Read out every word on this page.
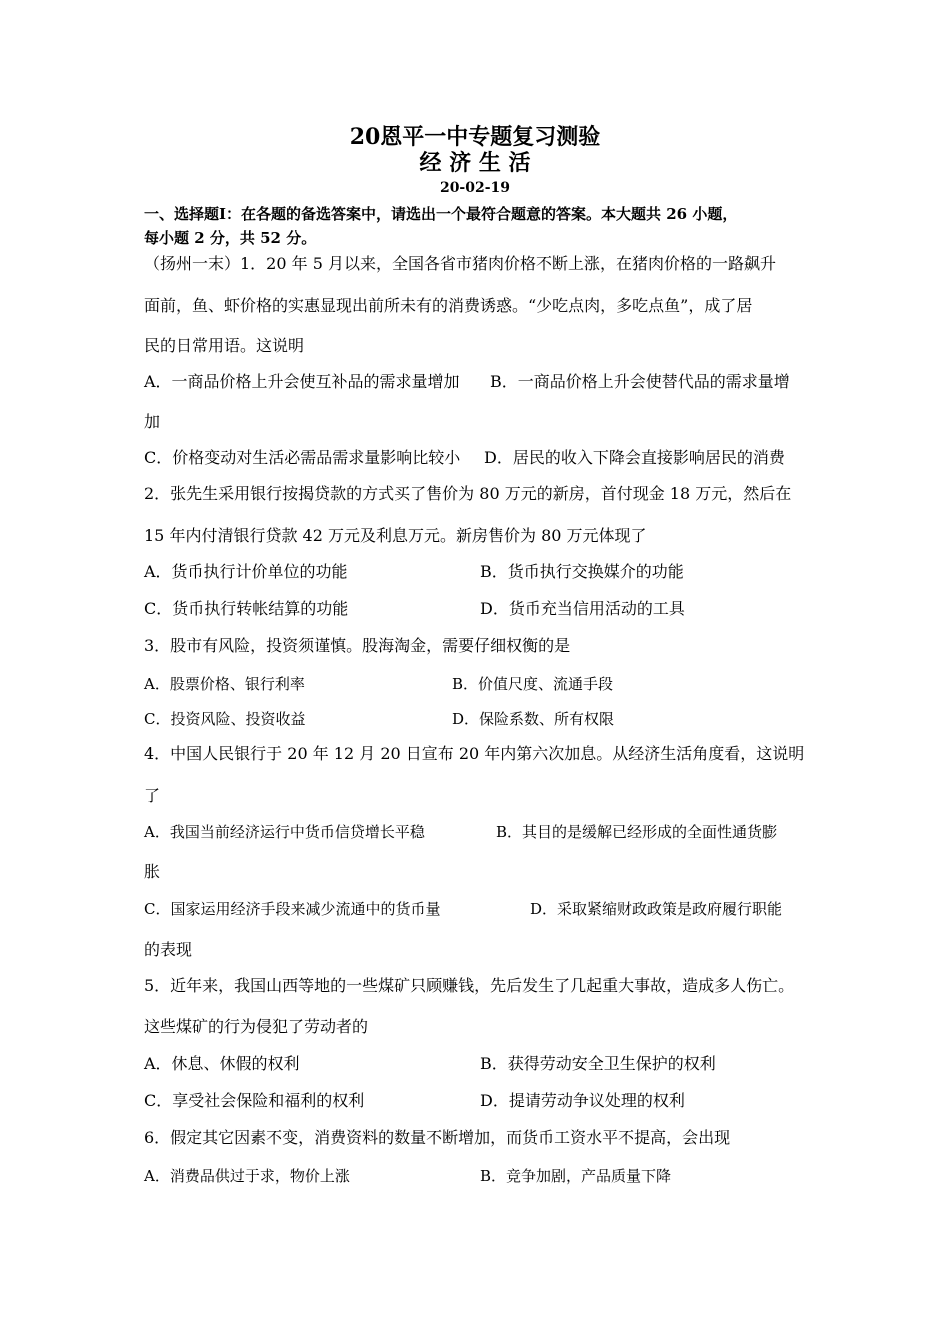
20恩平一中专题复习测验
经 济 生 活
20-02-19
一、选择题Ⅰ：在各题的备选答案中，请选出一个最符合题意的答案。本大题共 26 小题，
每小题 2 分，共 52 分。
（扬州一末）1．20 年 5 月以来，全国各省市猪肉价格不断上涨，在猪肉价格的一路飙升
面前，鱼、虾价格的实惠显现出前所未有的消费诱惑。“少吃点肉，多吃点鱼”，成了居
民的日常用语。这说明
A．一商品价格上升会使互补品的需求量增加 B．一商品价格上升会使替代品的需求量增
加
C．价格变动对生活必需品需求量影响比较小 D．居民的收入下降会直接影响居民的消费
2．张先生采用银行按揭贷款的方式买了售价为 80 万元的新房，首付现金 18 万元，然后在
15 年内付清银行贷款 42 万元及利息万元。新房售价为 80 万元体现了
A．货币执行计价单位的功能	B．货币执行交换媒介的功能
C．货币执行转帐结算的功能	D．货币充当信用活动的工具
3．股市有风险，投资须谨慎。股海淘金，需要仔细权衡的是
A．股票价格、银行利率	B．价值尺度、流通手段
C．投资风险、投资收益	D．保险系数、所有权限
4．中国人民银行于 20 年 12 月 20 日宣布 20 年内第六次加息。从经济生活角度看，这说明
了
A．我国当前经济运行中货币信贷增长平稳	B．其目的是缓解已经形成的全面性通货膨
胀
C．国家运用经济手段来减少流通中的货币量	D．采取紧缩财政政策是政府履行职能
的表现
5．近年来，我国山西等地的一些煤矿只顾赚钱，先后发生了几起重大事故，造成多人伤亡。
这些煤矿的行为侵犯了劳动者的
A．休息、休假的权利	B．获得劳动安全卫生保护的权利
C．享受社会保险和福利的权利	D．提请劳动争议处理的权利
6．假定其它因素不变，消费资料的数量不断增加，而货币工资水平不提高，会出现
A．消费品供过于求，物价上涨	B．竞争加剧，产品质量下降
